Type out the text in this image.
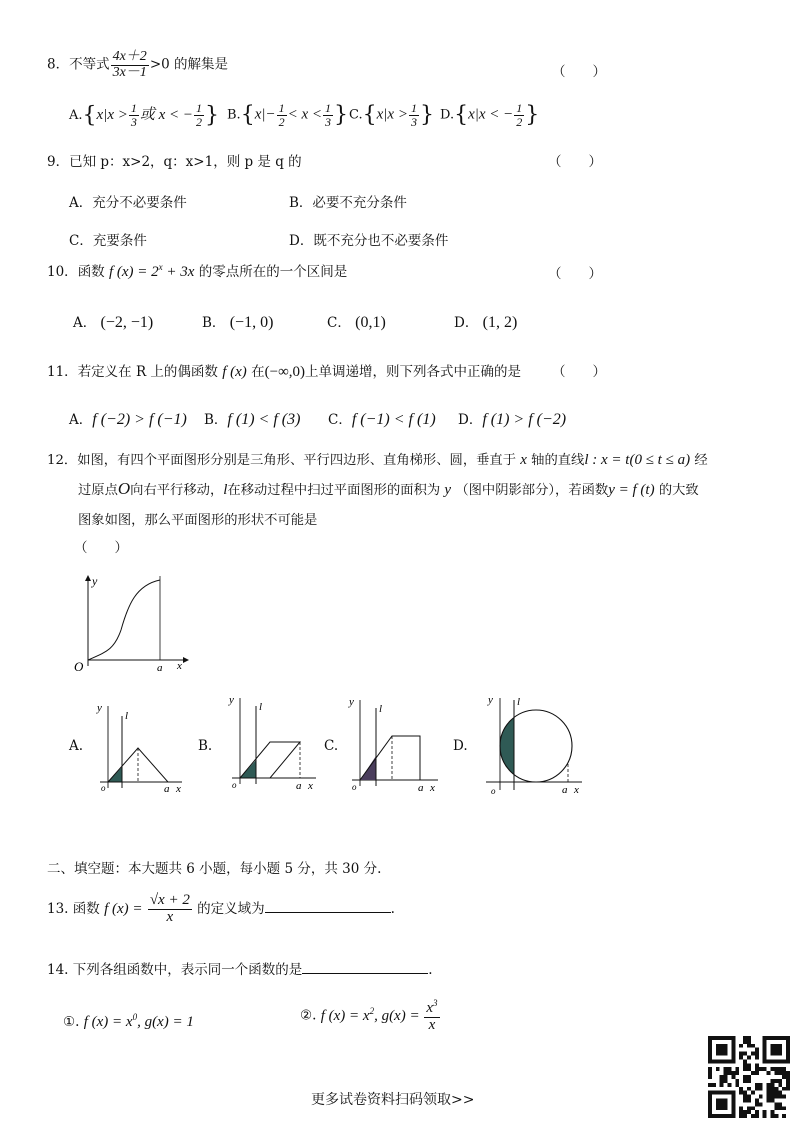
8．不等式 $\frac{4x+2}{3x-1} >0$ 的解集是	（　　）
$A.\{x|x > \frac{1}{3}$ 或 x < − $\frac{1}{2}$ } $B.\{x|- \frac{1}{2} < x < \frac{1}{3}$ } $C.\{x|x > \frac{1}{3}$ } D.{x|x < − $\frac{1}{2}$ }
9．已知 p：x>2，q：x>1，则 p 是 q 的	（　　）
A．充分不必要条件	B．必要不充分条件
C．充要条件	D．既不充分也不必要条件
10．函数 f $(x) = 2^x + 3x$ 的零点所在的一个区间是	（　　）
A． (−2, −1)	B． (−1, 0)	C． (0,1)	D． (1, 2)
11．若定义在 R 上的偶函数 f (x) 在(−∞,0)上单调递增，则下列各式中正确的是 （　　）
A．f (−2) > f (−1) B．f (1) < f (3) C．f (−1) < f (1) D．f (1) > f (−2)
12．如图，有四个平面图形分别是三角形、平行四边形、直角梯形、圆，垂直于 x 轴的直线l : x = t(0 ≤ t ≤ a) 经
过原点O向右平行移动，l在移动过程中扫过平面图形的面积为 y （图中阴影部分），若函数y = f (t) 的大致
图象如图，那么平面图形的形状不可能是
（　　）
y
O	a x
A.
y
l
o	a x
B.
y
l
o	a x
C.
y
l
o	a x
D.
y l
o	a x
二、填空题：本大题共 6 小题，每小题 5 分，共 30 分.
13. 函数 f $(x) = \frac{√x + 2}{x}$ 的定义域为	.
14. 下列各组函数中，表示同一个函数的是	.
①. f $(x) = x^0$, g(x) = 1	②. f $(x) = x^2$, $g(x) = \frac{x^3}{x}$
更多试卷资料扫码领取>>
